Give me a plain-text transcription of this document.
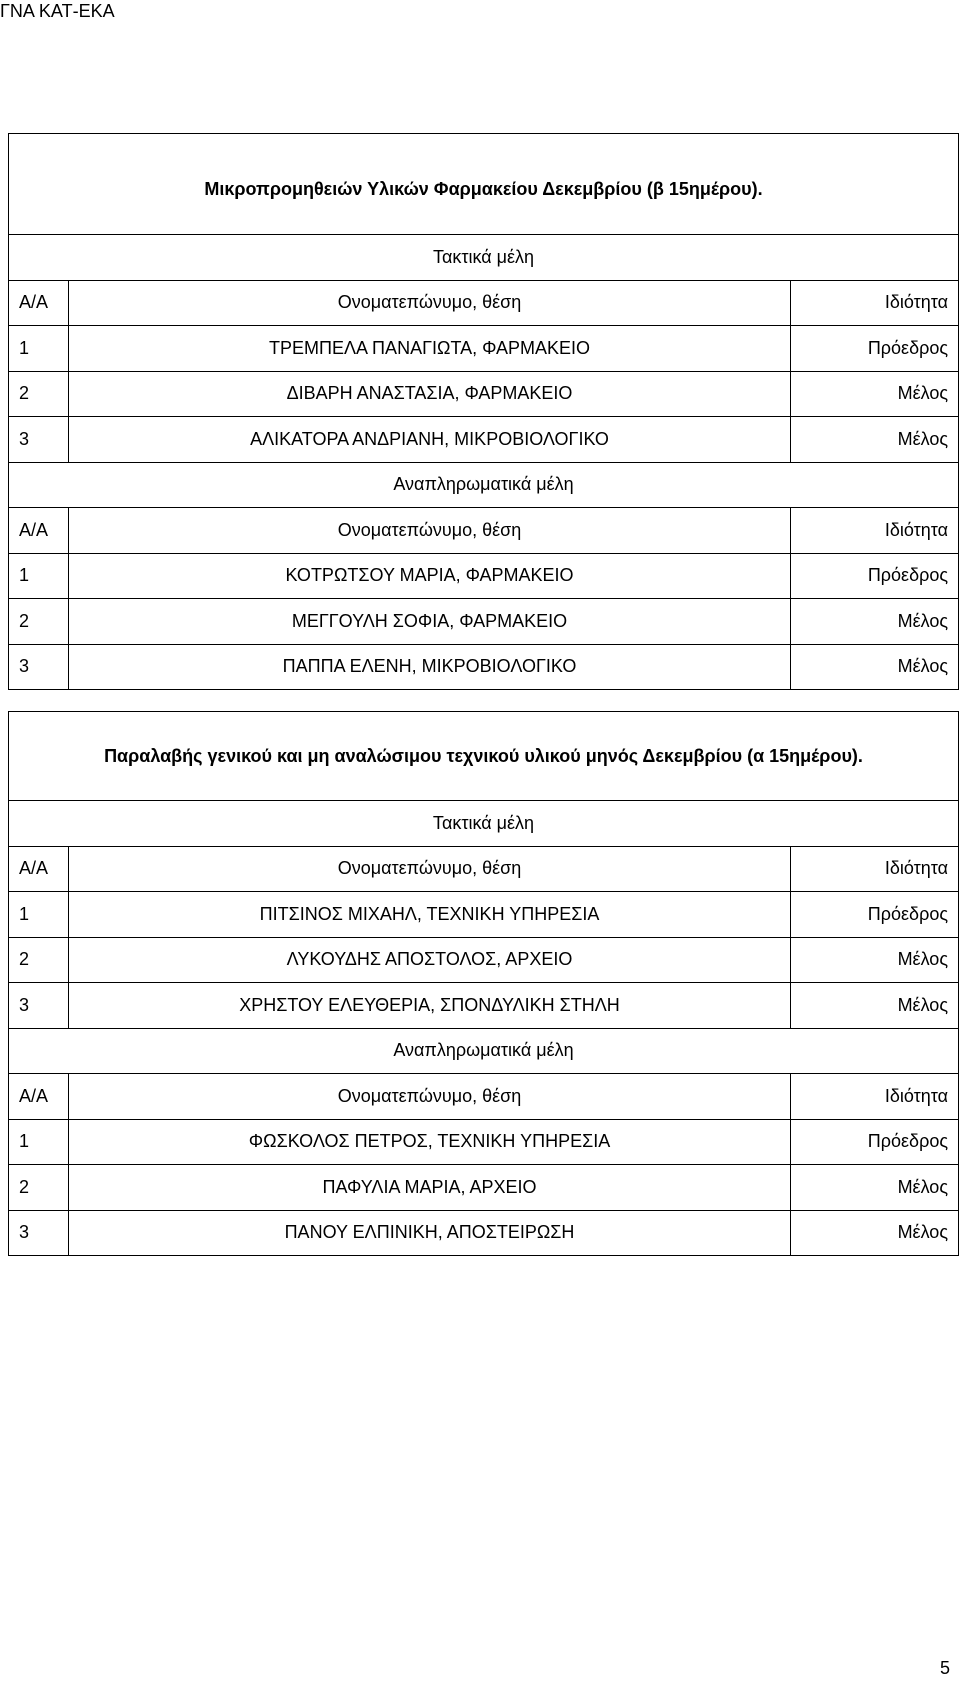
ΓΝΑ ΚΑΤ-ΕΚΑ
Μικροπρομηθειών Υλικών Φαρμακείου Δεκεμβρίου (β 15ημέρου).		
Τακτικά μέλη		
Α/Α	Ονοματεπώνυμο, θέση	Ιδιότητα
1	ΤΡΕΜΠΕΛΑ ΠΑΝΑΓΙΩΤΑ, ΦΑΡΜΑΚΕΙΟ	Πρόεδρος
2	ΔΙΒΑΡΗ ΑΝΑΣΤΑΣΙΑ, ΦΑΡΜΑΚΕΙΟ	Μέλος
3	ΑΛΙΚΑΤΟΡΑ ΑΝΔΡΙΑΝΗ, ΜΙΚΡΟΒΙΟΛΟΓΙΚΟ	Μέλος
Αναπληρωματικά μέλη		
Α/Α	Ονοματεπώνυμο, θέση	Ιδιότητα
1	ΚΟΤΡΩΤΣΟΥ ΜΑΡΙΑ, ΦΑΡΜΑΚΕΙΟ	Πρόεδρος
2	ΜΕΓΓΟΥΛΗ ΣΟΦΙΑ, ΦΑΡΜΑΚΕΙΟ	Μέλος
3	ΠΑΠΠΑ ΕΛΕΝΗ, ΜΙΚΡΟΒΙΟΛΟΓΙΚΟ	Μέλος
Παραλαβής γενικού και μη αναλώσιμου τεχνικού υλικού μηνός Δεκεμβρίου (α 15ημέρου).		
Τακτικά μέλη		
Α/Α	Ονοματεπώνυμο, θέση	Ιδιότητα
1	ΠΙΤΣΙΝΟΣ ΜΙΧΑΗΛ, ΤΕΧΝΙΚΗ ΥΠΗΡΕΣΙΑ	Πρόεδρος
2	ΛΥΚΟΥΔΗΣ ΑΠΟΣΤΟΛΟΣ, ΑΡΧΕΙΟ	Μέλος
3	ΧΡΗΣΤΟΥ ΕΛΕΥΘΕΡΙΑ, ΣΠΟΝΔΥΛΙΚΗ ΣΤΗΛΗ	Μέλος
Αναπληρωματικά μέλη		
Α/Α	Ονοματεπώνυμο, θέση	Ιδιότητα
1	ΦΩΣΚΟΛΟΣ ΠΕΤΡΟΣ, ΤΕΧΝΙΚΗ ΥΠΗΡΕΣΙΑ	Πρόεδρος
2	ΠΑΦΥΛΙΑ ΜΑΡΙΑ, ΑΡΧΕΙΟ	Μέλος
3	ΠΑΝΟΥ ΕΛΠΙΝΙΚΗ, ΑΠΟΣΤΕΙΡΩΣΗ	Μέλος
5
